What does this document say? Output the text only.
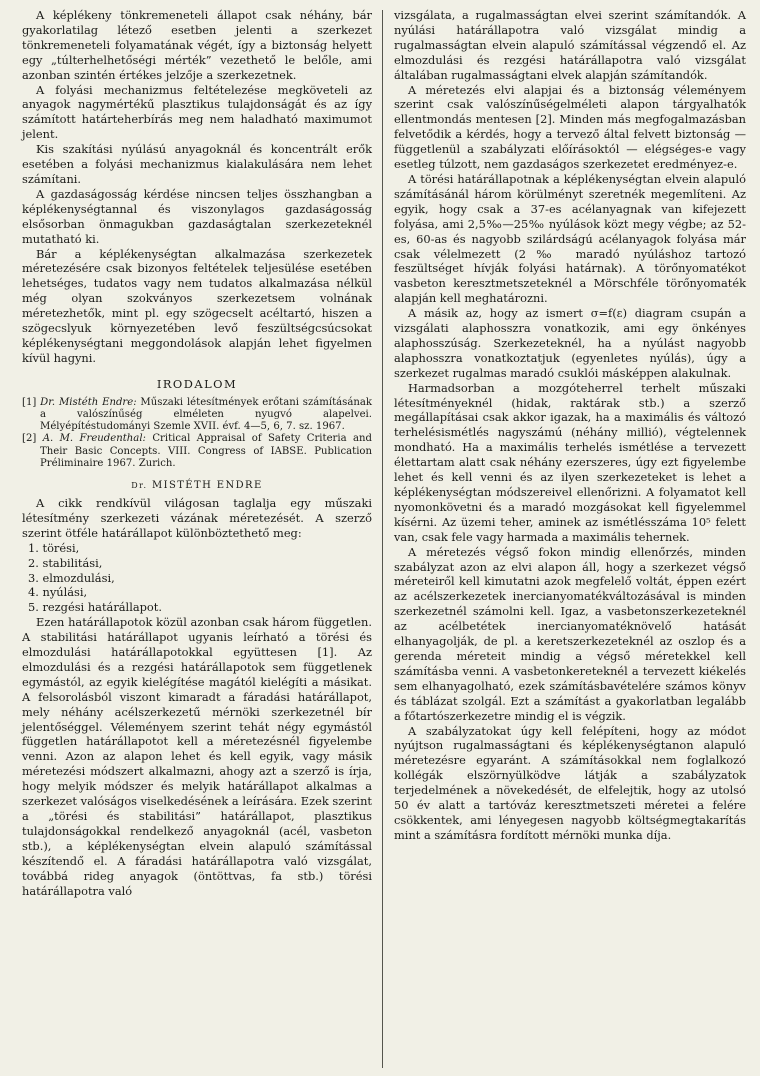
A képlékeny tönkremeneteli állapot csak néhány, bár gyakorlatilag létező esetben jelenti a szerkezet tönkremeneteli folyamatának végét, így a biztonság helyett egy „túlterhelhetőségi mérték” vezethető le belőle, ami azonban szintén értékes jelzője a szerkezetnek.

A folyási mechanizmus feltételezése megköveteli az anyagok nagymértékű plasztikus tulajdonságát és az így számított határteherbírás meg nem haladható maximumot jelent.

Kis szakítási nyúlású anyagoknál és koncentrált erők esetében a folyási mechanizmus kialakulására nem lehet számítani.

A gazdaságosság kérdése nincsen teljes összhangban a képlékenységtannal és viszonylagos gazdaságosság elsősorban önmagukban gazdaságtalan szerkezeteknél mutatható ki.

Bár a képlékenységtan alkalmazása szerkezetek méretezésére csak bizonyos feltételek teljesülése esetében lehetséges, tudatos vagy nem tudatos alkalmazása nélkül még olyan szokványos szerkezetsem volnának méretezhetők, mint pl. egy szögecselt acéltartó, hiszen a szögecslyuk környezetében levő feszültségcsúcsokat képlékenységtani meggondolások alapján lehet figyelmen kívül hagyni.

IRODALOM
[1] Dr. Mistéth Endre: Műszaki létesítmények erőtani számításának a valószínűség elméleten nyugvó alapelvei. Mélyépítéstudományi Szemle XVII. évf. 4—5, 6, 7. sz. 1967.
[2] A. M. Freudenthal: Critical Appraisal of Safety Criteria and Their Basic Concepts. VIII. Congress of IABSE. Publication Préliminaire 1967. Zurich.
Dr. MISTÉTH ENDRE

A cikk rendkívül világosan taglalja egy műszaki létesítmény szerkezeti vázának méretezését. A szerző szerint ötféle határállapot különböztethető meg:

1. törési,
2. stabilitási,
3. elmozdulási,
4. nyúlási,
5. rezgési határállapot.

Ezen határállapotok közül azonban csak három független. A stabilitási határállapot ugyanis leírható a törési és elmozdulási határállapotokkal együttesen [1]. Az elmozdulási és a rezgési határállapotok sem függetlenek egymástól, az egyik kielégítése magától kielégíti a másikat. A felsorolásból viszont kimaradt a fáradási határállapot, mely néhány acélszerkezetű mérnöki szerkezetnél bír jelentőséggel. Véleményem szerint tehát négy egymástól független határállapotot kell a méretezésnél figyelembe venni. Azon az alapon lehet és kell egyik, vagy másik méretezési módszert alkalmazni, ahogy azt a szerző is írja, hogy melyik módszer és melyik határállapot alkalmas a szerkezet valóságos viselkedésének a leírására. Ezek szerint a „törési és stabilitási” határállapot, plasztikus tulajdonságokkal rendelkező anyagoknál (acél, vasbeton stb.), a képlékenységtan elvein alapuló számítással készítendő el. A fáradási határállapotra való vizsgálat, továbbá rideg anyagok (öntöttvas, fa stb.) törési határállapotra való

vizsgálata, a rugalmasságtan elvei szerint számítandók. A nyúlási határállapotra való vizsgálat mindig a rugalmasságtan elvein alapuló számítással végzendő el. Az elmozdulási és rezgési határállapotra való vizsgálat általában rugalmasságtani elvek alapján számítandók.

A méretezés elvi alapjai és a biztonság véleményem szerint csak valószínűségelméleti alapon tárgyalhatók ellentmondás mentesen [2]. Minden más megfogalmazásban felvetődik a kérdés, hogy a tervező által felvett biztonság — függetlenül a szabályzati előírásoktól — elégséges-e vagy esetleg túlzott, nem gazdaságos szerkezetet eredményez-e.

A törési határállapotnak a képlékenységtan elvein alapuló számításánál három körülményt szeretnék megemlíteni. Az egyik, hogy csak a 37-es acélanyagnak van kifejezett folyása, ami 2,5‰—25‰ nyúlások közt megy végbe; az 52-es, 60-as és nagyobb szilárdságú acélanyagok folyása már csak vélelmezett (2‰ maradó nyúláshoz tartozó feszültséget hívják folyási határnak). A törőnyomatékot vasbeton keresztmetszeteknél a Mörschféle törőnyomaték alapján kell meghatározni.

A másik az, hogy az ismert σ=f(ε) diagram csupán a vizsgálati alaphosszra vonatkozik, ami egy önkényes alaphosszúság. Szerkezeteknél, ha a nyúlást nagyobb alaphosszra vonatkoztatjuk (egyenletes nyúlás), úgy a szerkezet rugalmas maradó csuklói másképpen alakulnak.

Harmadsorban a mozgóteherrel terhelt műszaki létesítményeknél (hidak, raktárak stb.) a szerző megállapításai csak akkor igazak, ha a maximális és változó terhelésismétlés nagyszámú (néhány millió), végtelennek mondható. Ha a maximális terhelés ismétlése a tervezett élettartam alatt csak néhány ezerszeres, úgy ezt figyelembe lehet és kell venni és az ilyen szerkezeteket is lehet a képlékenységtan módszereivel ellenőrizni. A folyamatot kell nyomonkövetni és a maradó mozgásokat kell figyelemmel kísérni. Az üzemi teher, aminek az ismétlésszáma 10⁵ felett van, csak fele vagy harmada a maximális tehernek.

A méretezés végső fokon mindig ellenőrzés, minden szabályzat azon az elvi alapon áll, hogy a szerkezet végső méreteiről kell kimutatni azok megfelelő voltát, éppen ezért az acélszerkezetek inercianyomatékváltozásával is minden szerkezetnél számolni kell. Igaz, a vasbetonszerkezeteknél az acélbetétek inercianyomatéknövelő hatását elhanyagolják, de pl. a keretszerkezeteknél az oszlop és a gerenda méreteit mindig a végső méretekkel kell számításba venni. A vasbetonkereteknél a tervezett kiékelés sem elhanyagolható, ezek számításbavételére számos könyv és táblázat szolgál. Ezt a számítást a gyakorlatban legalább a főtartószerkezetre mindig el is végzik.

A szabályzatokat úgy kell felépíteni, hogy az módot nyújtson rugalmasságtani és képlékenységtanon alapuló méretezésre egyaránt. A számításokkal nem foglalkozó kollégák elszörnyülködve látják a szabályzatok terjedelmének a növekedését, de elfelejtik, hogy az utolsó 50 év alatt a tartóváz keresztmetszeti méretei a felére csökkentek, ami lényegesen nagyobb költségmegtakarítás mint a számításra fordított mérnöki munka díja.
